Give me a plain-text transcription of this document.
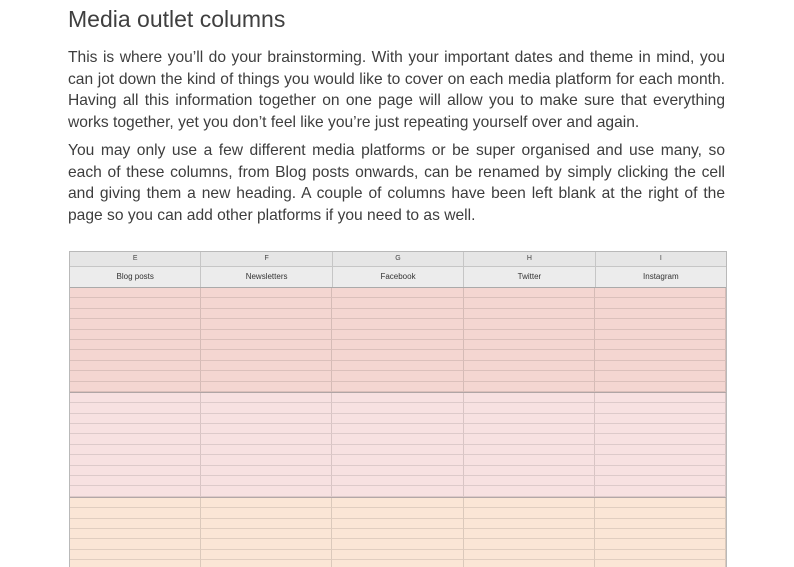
Media outlet columns

This is where you’ll do your brainstorming. With your important dates and theme in mind, you can jot down the kind of things you would like to cover on each media platform for each month. Having all this information together on one page will allow you to make sure that everything works together, yet you don’t feel like you’re just repeating yourself over and again.

You may only use a few different media platforms or be super organised and use many, so each of these columns, from Blog posts onwards, can be renamed by simply clicking the cell and giving them a new heading. A couple of columns have been left blank at the right of the page so you can add other platforms if you need to as well.

E	F	G	H	I
Blog posts	Newsletters	Facebook	Twitter	Instagram
